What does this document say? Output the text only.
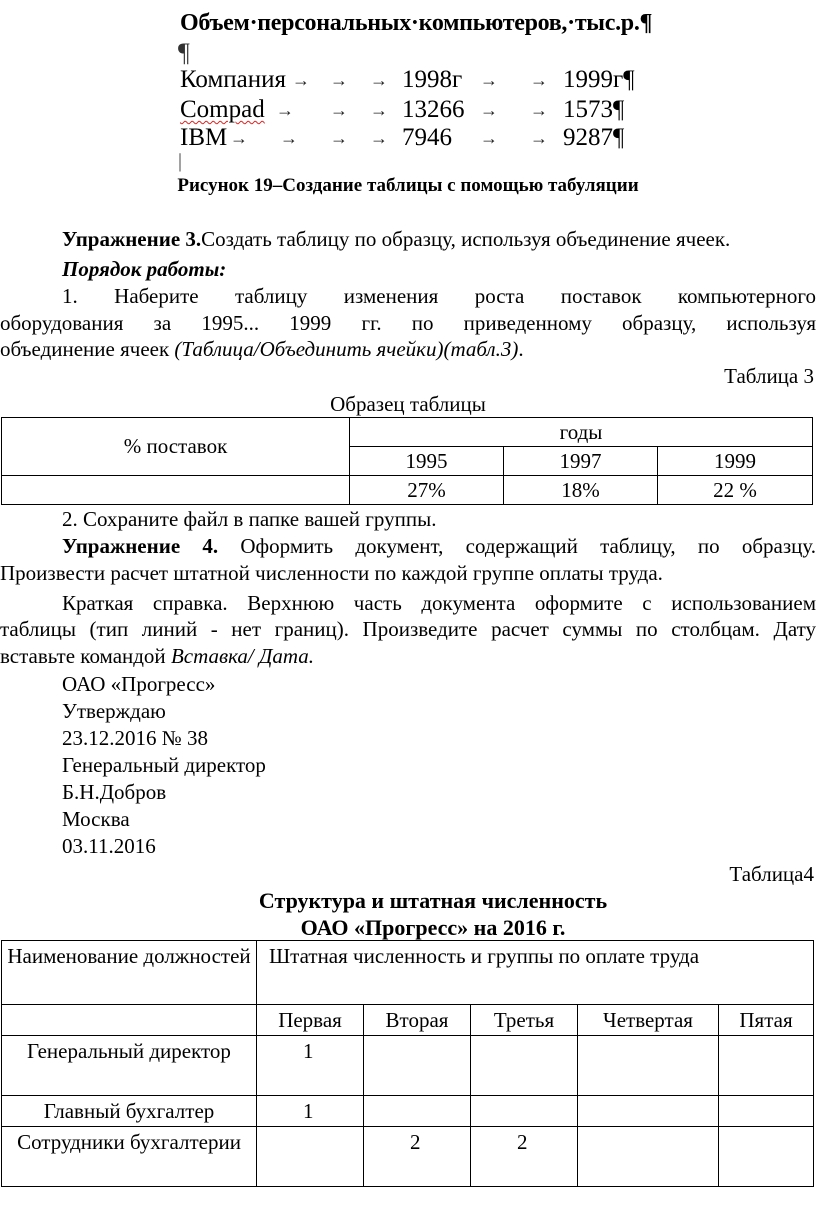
Объем·персональных·компьютеров,·тыс.р.¶
¶
Компания → → → 1998г → → 1999г¶
Compad → → → 13266 → → 1573¶
IBM → → → → 7946 → → 9287¶
|
Рисунок 19–Создание таблицы с помощью табуляции
Упражнение 3.Создать таблицу по образцу, используя объединение ячеек.
Порядок работы:
1. Наберите таблицу изменения роста поставок компьютерного
оборудования за 1995... 1999 гг. по приведенному образцу, используя
объединение ячеек (Таблица/Объединить ячейки)(табл.3).
Таблица 3
Образец таблицы
% поставок	годы		
	1995	1997	1999
	27%	18%	22 %
2. Сохраните файл в папке вашей группы.
Упражнение 4. Оформить документ, содержащий таблицу, по образцу.
Произвести расчет штатной численности по каждой группе оплаты труда.
Краткая справка. Верхнюю часть документа оформите с использованием
таблицы (тип линий - нет границ). Произведите расчет суммы по столбцам. Дату
вставьте командой Вставка/ Дата.
ОАО «Прогресс»
Утверждаю
23.12.2016 № 38
Генеральный директор
Б.Н.Добров
Москва
03.11.2016
Таблица4
Структура и штатная численность
ОАО «Прогресс» на 2016 г.
Наименование должностей	Штатная численность и группы по оплате труда				
	Первая	Вторая	Третья	Четвертая	Пятая
Генеральный директор	1				
Главный бухгалтер	1				
Сотрудники бухгалтерии		2	2		
